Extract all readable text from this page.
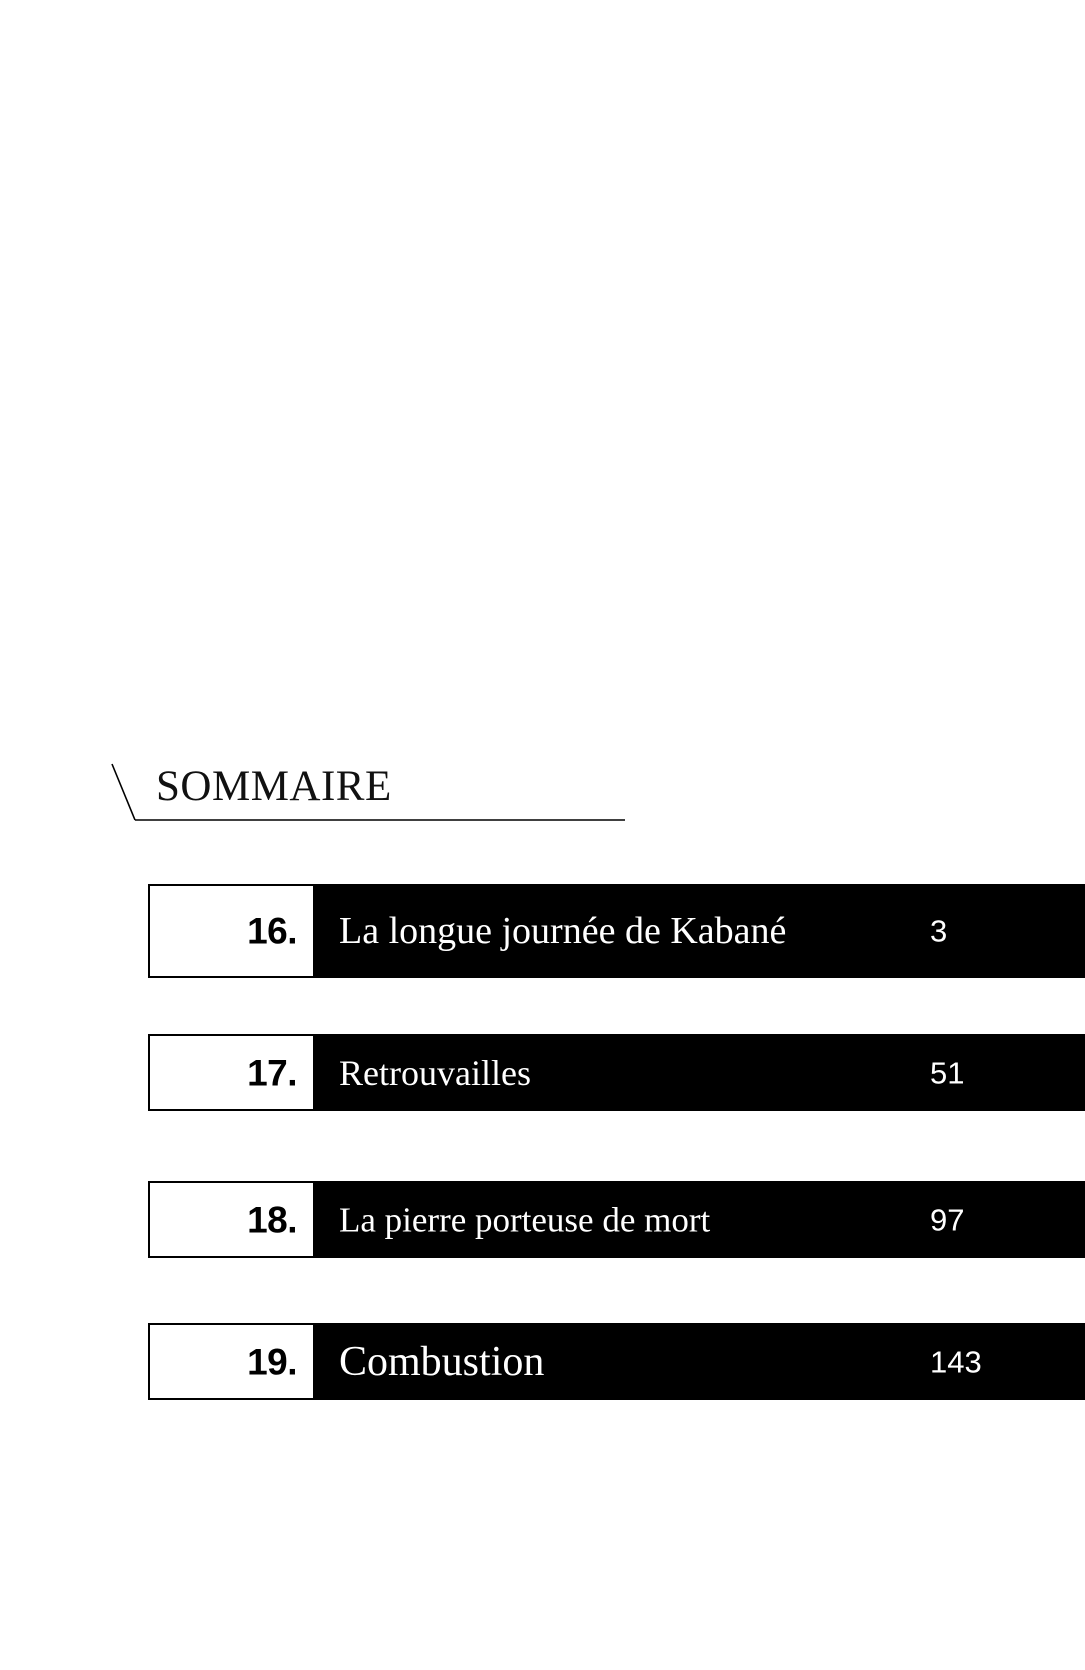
SOMMAIRE
16. La longue journée de Kabané	3
17. Retrouvailles	51
18. La pierre porteuse de mort	97
19. Combustion	143
